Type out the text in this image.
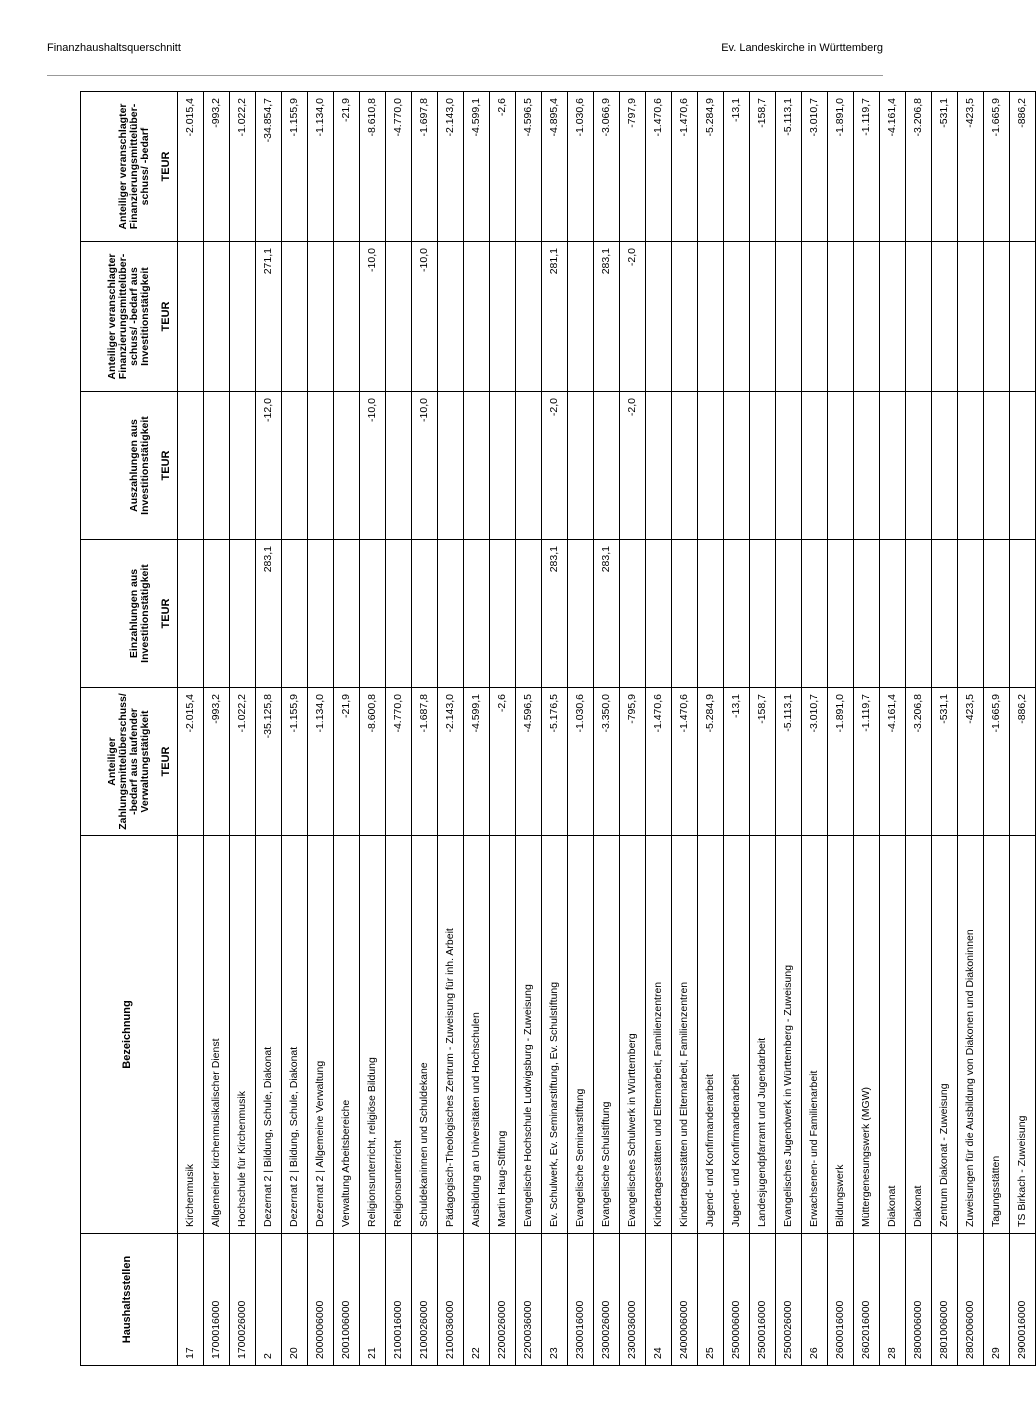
Finanzhaushaltsquerschnitt	Ev. Landeskirche in Württemberg
Haushaltsstellen	Bezeichnung	Anteiliger Zahlungsmittelüberschuss/ -bedarf aus laufender Verwaltungstätigkeit TEUR	Einzahlungen aus Investitionstätigkeit TEUR	Auszahlungen aus Investitionstätigkeit TEUR	Anteiliger veranschlagter Finanzierungsmittelüber-schuss/ -bedarf aus Investitionstätigkeit TEUR	Anteiliger veranschlagter Finanzierungsmittelüber-schuss/ -bedarf TEUR

17	Kirchenmusik	-2.015,4				-2.015,4
1700016000	Allgemeiner kirchenmusikalischer Dienst	-993,2				-993,2
1700026000	Hochschule für Kirchenmusik	-1.022,2				-1.022,2
2	Dezernat 2 | Bildung, Schule, Diakonat	-35.125,8	283,1	-12,0	271,1	-34.854,7
20	Dezernat 2 | Bildung, Schule, Diakonat	-1.155,9				-1.155,9
2000006000	Dezernat 2 | Allgemeine Verwaltung	-1.134,0				-1.134,0
2001006000	Verwaltung Arbeitsbereiche	-21,9				-21,9
21	Religionsunterricht, religiöse Bildung	-8.600,8		-10,0	-10,0	-8.610,8
2100016000	Religionsunterricht	-4.770,0				-4.770,0
2100026000	Schuldekaninnen und Schuldekane	-1.687,8		-10,0	-10,0	-1.697,8
2100036000	Pädagogisch-Theologisches Zentrum - Zuweisung für inh. Arbeit	-2.143,0				-2.143,0
22	Ausbildung an Universitäten und Hochschulen	-4.599,1				-4.599,1
2200026000	Martin Haug-Stiftung	-2,6				-2,6
2200036000	Evangelische Hochschule Ludwigsburg - Zuweisung	-4.596,5				-4.596,5
23	Ev. Schulwerk, Ev. Seminarstiftung, Ev. Schulstiftung	-5.176,5	283,1	-2,0	281,1	-4.895,4
2300016000	Evangelische Seminarstiftung	-1.030,6				-1.030,6
2300026000	Evangelische Schulstiftung	-3.350,0	283,1		283,1	-3.066,9
2300036000	Evangelisches Schulwerk in Württemberg	-795,9		-2,0	-2,0	-797,9
24	Kindertagesstätten und Elternarbeit, Familienzentren	-1.470,6				-1.470,6
2400006000	Kindertagesstätten und Elternarbeit, Familienzentren	-1.470,6				-1.470,6
25	Jugend- und Konfirmandenarbeit	-5.284,9				-5.284,9
2500006000	Jugend- und Konfirmandenarbeit	-13,1				-13,1
2500016000	Landesjugendpfarramt und Jugendarbeit	-158,7				-158,7
2500026000	Evangelisches Jugendwerk in Württemberg - Zuweisung	-5.113,1				-5.113,1
26	Erwachsenen- und Familienarbeit	-3.010,7				-3.010,7
2600016000	Bildungswerk	-1.891,0				-1.891,0
2602016000	Müttergenesungswerk (MGW)	-1.119,7				-1.119,7
28	Diakonat	-4.161,4				-4.161,4
2800006000	Diakonat	-3.206,8				-3.206,8
2801006000	Zentrum Diakonat - Zuweisung	-531,1				-531,1
2802006000	Zuweisungen für die Ausbildung von Diakonen und Diakoninnen	-423,5				-423,5
29	Tagungsstätten	-1.665,9				-1.665,9
2900016000	TS Birkach - Zuweisung	-886,2				-886,2
